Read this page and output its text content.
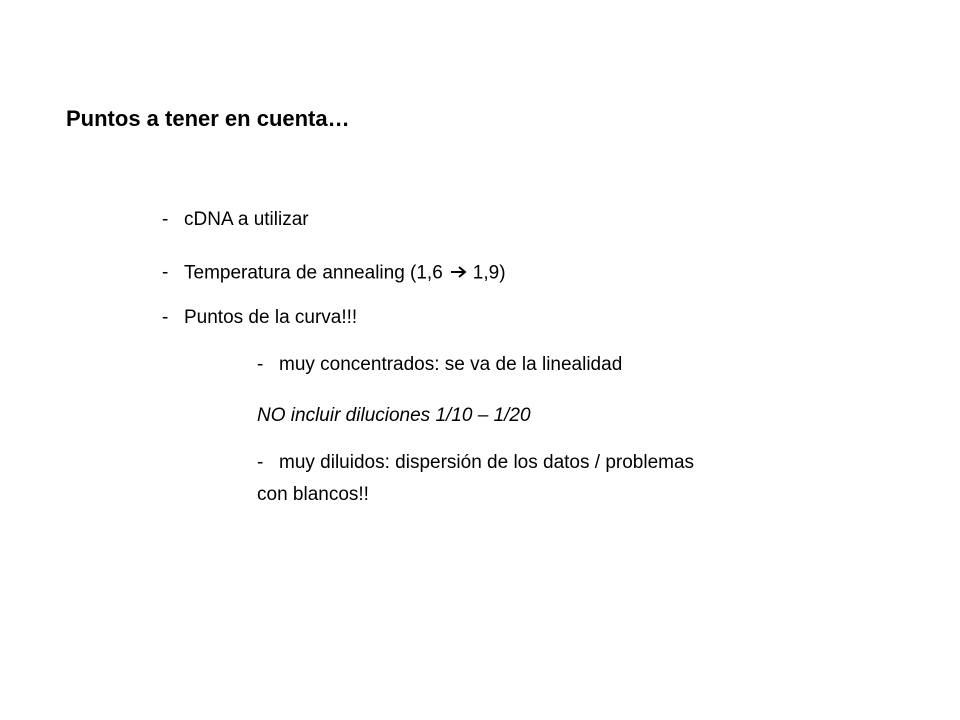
Puntos a tener en cuenta…
- cDNA a utilizar
- Temperatura de annealing (1,6 1,9)
- Puntos de la curva!!!
- muy concentrados: se va de la linealidad
NO incluir diluciones 1/10 – 1/20
- muy diluidos: dispersión de los datos / problemas
con blancos!!
